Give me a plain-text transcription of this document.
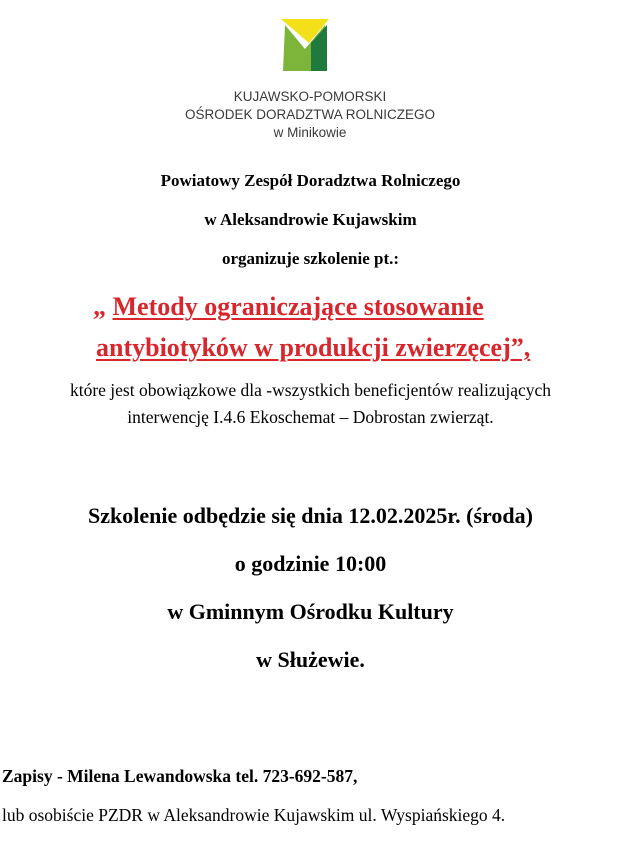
KUJAWSKO-POMORSKI
OŚRODEK DORADZTWA ROLNICZEGO
w Minikowie
Powiatowy Zespół Doradztwa Rolniczego
w Aleksandrowie Kujawskim
organizuje szkolenie pt.:
„ Metody ograniczające stosowanie
antybiotyków w produkcji zwierzęcej”,
które jest obowiązkowe dla -wszystkich beneficjentów realizujących
interwencję I.4.6 Ekoschemat – Dobrostan zwierząt.
Szkolenie odbędzie się dnia 12.02.2025r. (środa)
o godzinie 10:00
w Gminnym Ośrodku Kultury
w Służewie.
Zapisy - Milena Lewandowska tel. 723-692-587,
lub osobiście PZDR w Aleksandrowie Kujawskim ul. Wyspiańskiego 4.
